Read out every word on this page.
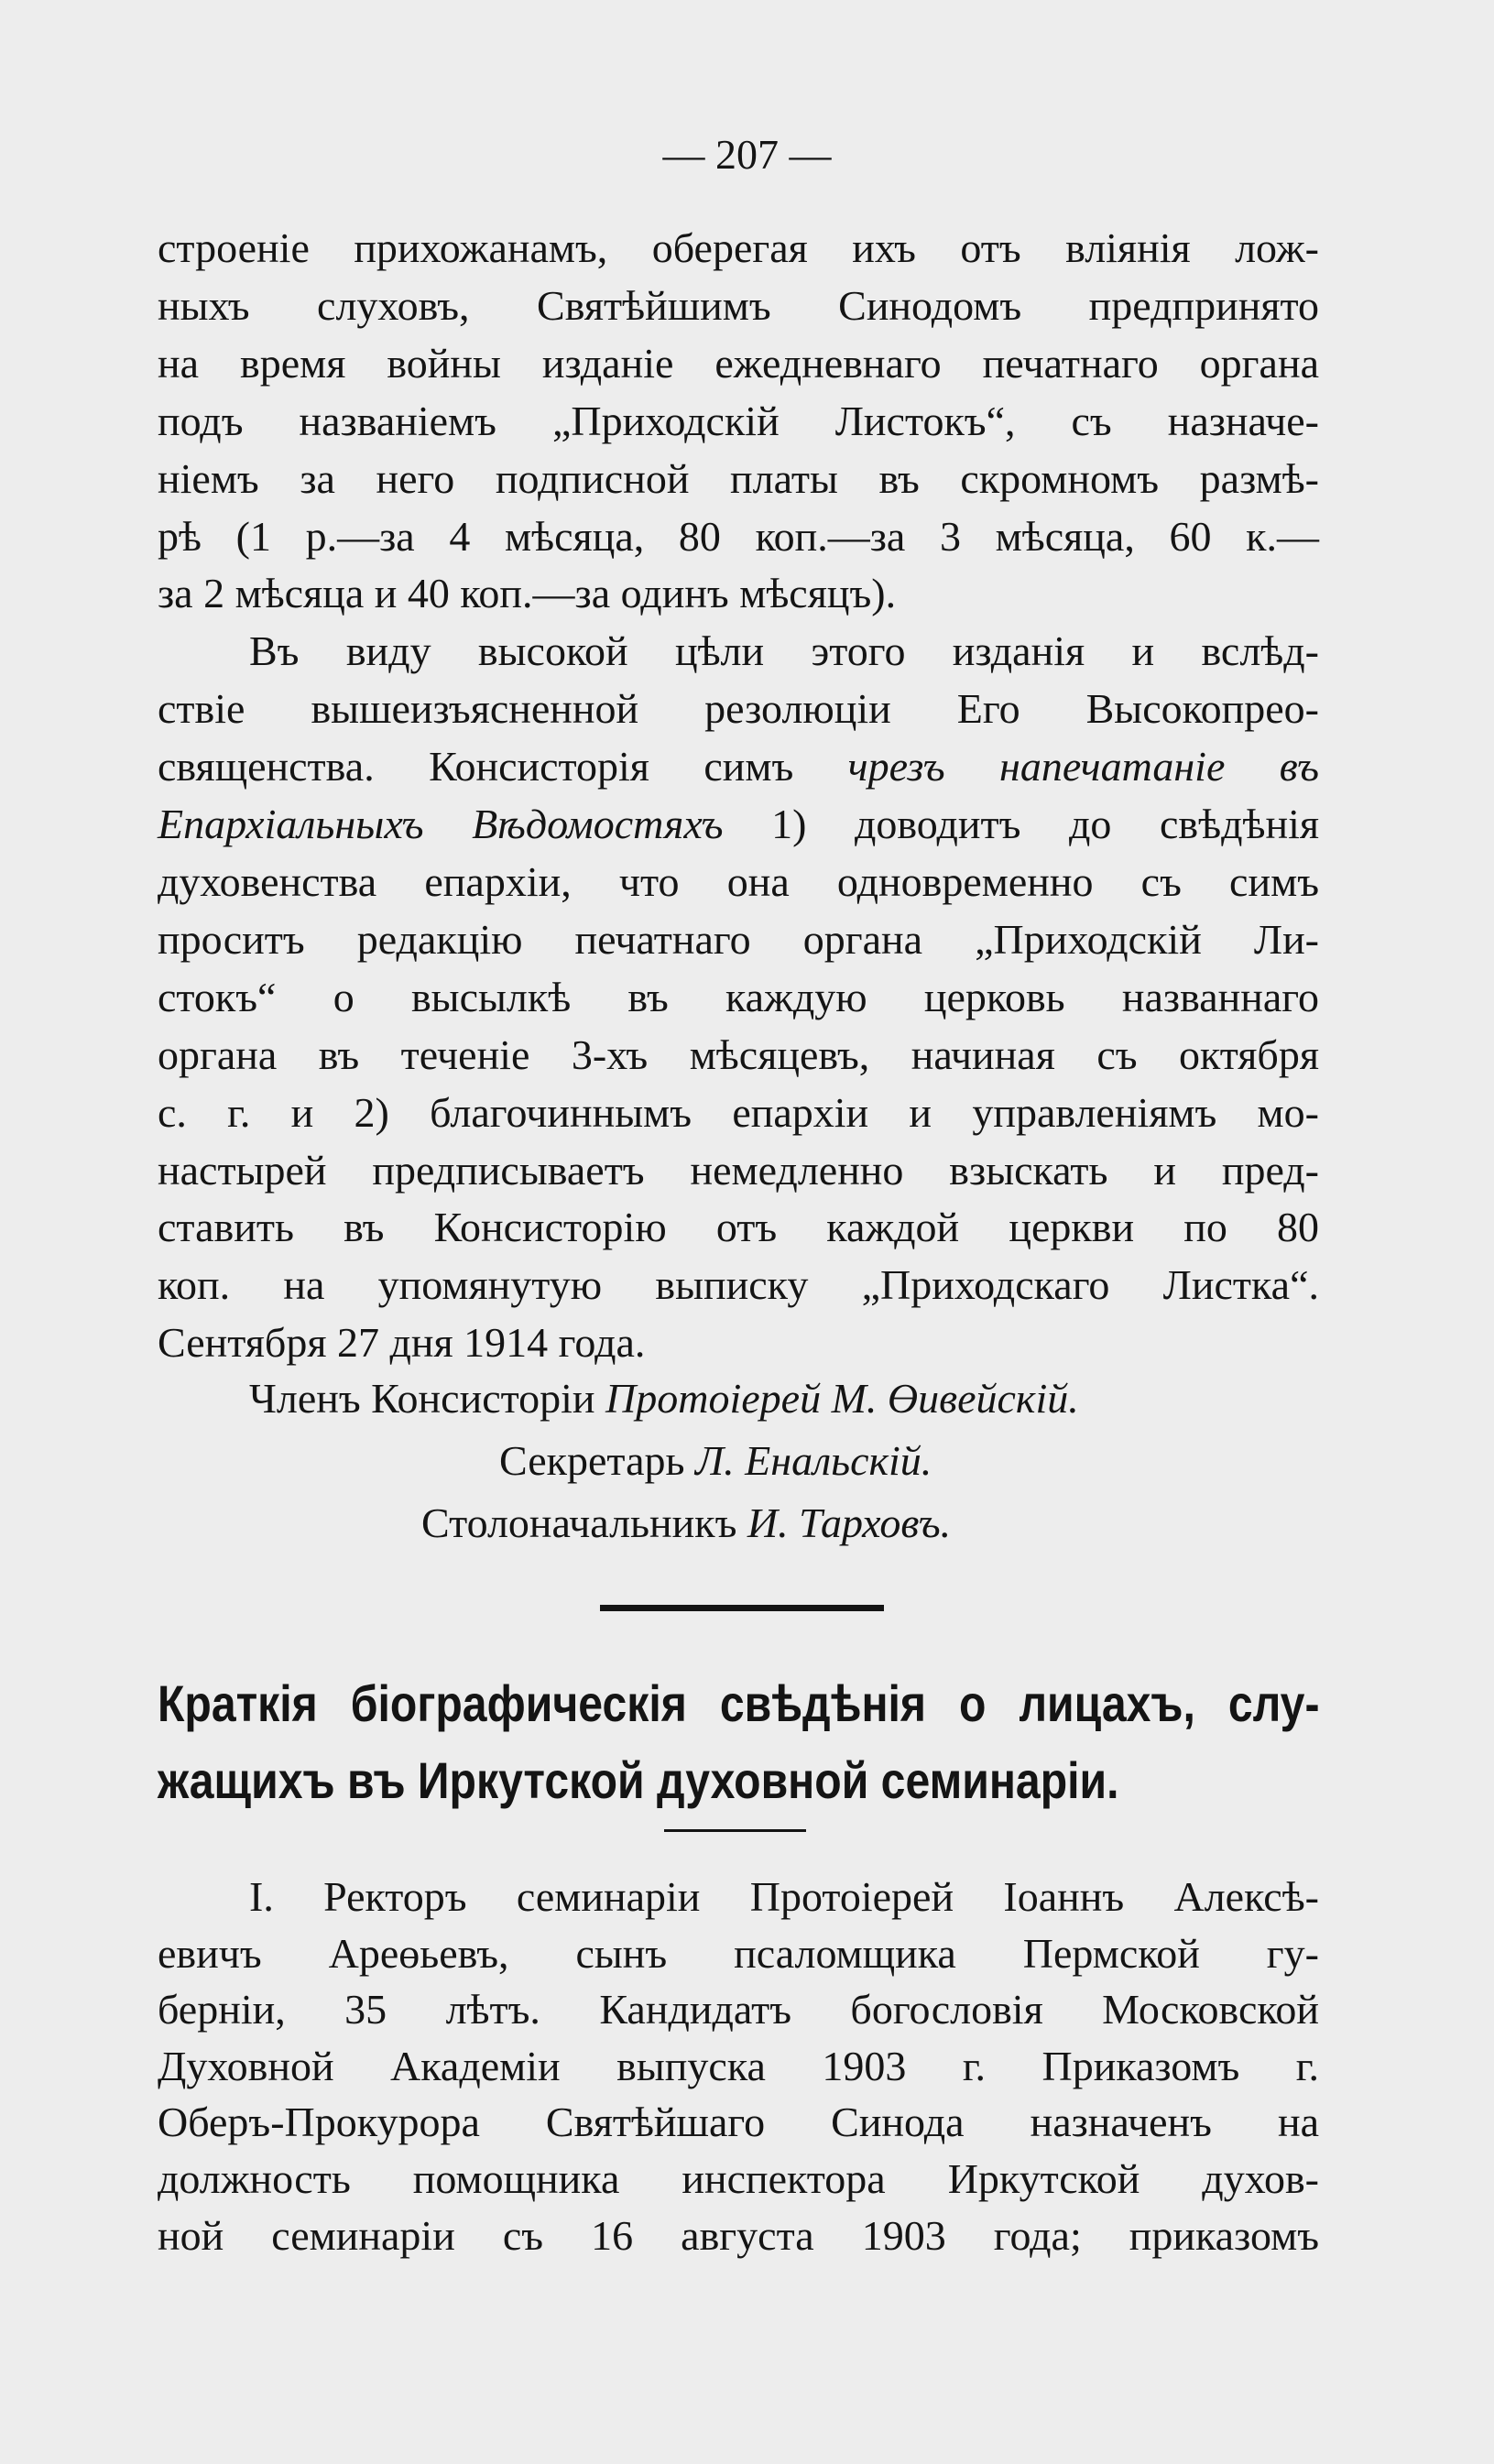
— 207 —
строеніе прихожанамъ, оберегая ихъ отъ вліянія лож-
ныхъ слуховъ, Святѣйшимъ Синодомъ предпринято
на время войны изданіе ежедневнаго печатнаго органа
подъ названіемъ „Приходскій Листокъ“, съ назначе-
ніемъ за него подписной платы въ скромномъ размѣ-
рѣ (1 р.—за 4 мѣсяца, 80 коп.—за 3 мѣсяца, 60 к.—
за 2 мѣсяца и 40 коп.—за одинъ мѣсяцъ).
Въ виду высокой цѣли этого изданія и вслѣд-
ствіе вышеизъясненной резолюціи Его Высокопрео-
священства. Консисторія симъ чрезъ напечатаніе въ
Епархіальныхъ Вѣдомостяхъ 1) доводитъ до свѣдѣнія
духовенства епархіи, что она одновременно съ симъ
проситъ редакцію печатнаго органа „Приходскій Ли-
стокъ“ о высылкѣ въ каждую церковь названнаго
органа въ теченіе 3-хъ мѣсяцевъ, начиная съ октября
с. г. и 2) благочиннымъ епархіи и управленіямъ мо-
настырей предписываетъ немедленно взыскать и пред-
ставить въ Консисторію отъ каждой церкви по 80
коп. на упомянутую выписку „Приходскаго Листка“.
Сентября 27 дня 1914 года.
Членъ Консисторіи Протоіерей М. Өивейскій.
Секретарь Л. Енальскій.
Столоначальникъ И. Тарховъ.
Краткія біографическія свѣдѣнія о лицахъ, слу-
жащихъ въ Иркутской духовной семинаріи.
I. Ректоръ семинаріи Протоіерей Іоаннъ Алексѣ-
евичъ Ареөьевъ, сынъ псаломщика Пермской гу-
берніи, 35 лѣтъ. Кандидатъ богословія Московской
Духовной Академіи выпуска 1903 г. Приказомъ г.
Оберъ-Прокурора Святѣйшаго Синода назначенъ на
должность помощника инспектора Иркутской духов-
ной семинаріи съ 16 августа 1903 года; приказомъ
